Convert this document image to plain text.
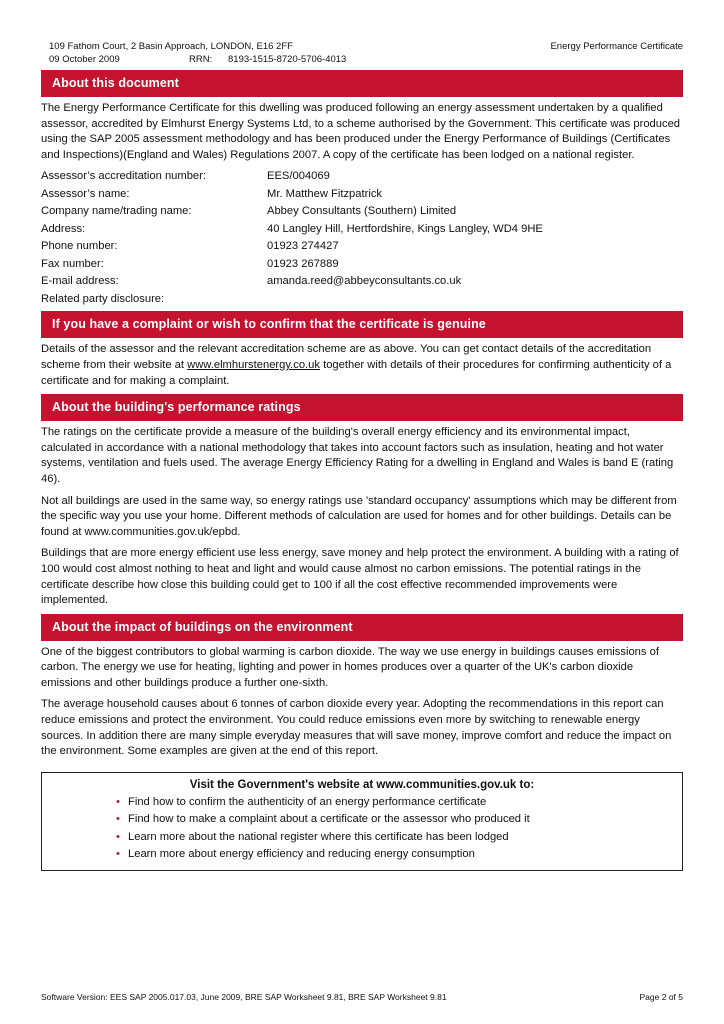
109 Fathom Court, 2 Basin Approach, LONDON, E16 2FF	Energy Performance Certificate
09 October 2009	RRN:	8193-1515-8720-5706-4013
About this document

The Energy Performance Certificate for this dwelling was produced following an energy assessment undertaken by a qualified assessor, accredited by Elmhurst Energy Systems Ltd, to a scheme authorised by the Government. This certificate was produced using the SAP 2005 assessment methodology and has been produced under the Energy Performance of Buildings (Certificates and Inspections)(England and Wales) Regulations 2007. A copy of the certificate has been lodged on a national register.

Assessor’s accreditation number:	EES/004069
Assessor’s name:	Mr. Matthew Fitzpatrick
Company name/trading name:	Abbey Consultants (Southern) Limited
Address:	40 Langley Hill, Hertfordshire, Kings Langley, WD4 9HE
Phone number:	01923 274427
Fax number:	01923 267889
E-mail address:	amanda.reed@abbeyconsultants.co.uk
Related party disclosure:
If you have a complaint or wish to confirm that the certificate is genuine

Details of the assessor and the relevant accreditation scheme are as above. You can get contact details of the accreditation scheme from their website at www.elmhurstenergy.co.uk together with details of their procedures for confirming authenticity of a certificate and for making a complaint.

About the building's performance ratings

The ratings on the certificate provide a measure of the building's overall energy efficiency and its environmental impact, calculated in accordance with a national methodology that takes into account factors such as insulation, heating and hot water systems, ventilation and fuels used. The average Energy Efficiency Rating for a dwelling in England and Wales is band E (rating 46).

Not all buildings are used in the same way, so energy ratings use 'standard occupancy' assumptions which may be different from the specific way you use your home. Different methods of calculation are used for homes and for other buildings. Details can be found at www.communities.gov.uk/epbd.

Buildings that are more energy efficient use less energy, save money and help protect the environment. A building with a rating of 100 would cost almost nothing to heat and light and would cause almost no carbon emissions. The potential ratings in the certificate describe how close this building could get to 100 if all the cost effective recommended improvements were implemented.

About the impact of buildings on the environment

One of the biggest contributors to global warming is carbon dioxide. The way we use energy in buildings causes emissions of carbon. The energy we use for heating, lighting and power in homes produces over a quarter of the UK's carbon dioxide emissions and other buildings produce a further one-sixth.

The average household causes about 6 tonnes of carbon dioxide every year. Adopting the recommendations in this report can reduce emissions and protect the environment. You could reduce emissions even more by switching to renewable energy sources. In addition there are many simple everyday measures that will save money, improve comfort and reduce the impact on the environment. Some examples are given at the end of this report.

Visit the Government's website at www.communities.gov.uk to:
• Find how to confirm the authenticity of an energy performance certificate
• Find how to make a complaint about a certificate or the assessor who produced it
• Learn more about the national register where this certificate has been lodged
• Learn more about energy efficiency and reducing energy consumption
Software Version: EES SAP 2005.017.03, June 2009, BRE SAP Worksheet 9.81, BRE SAP Worksheet 9.81	Page 2 of 5
